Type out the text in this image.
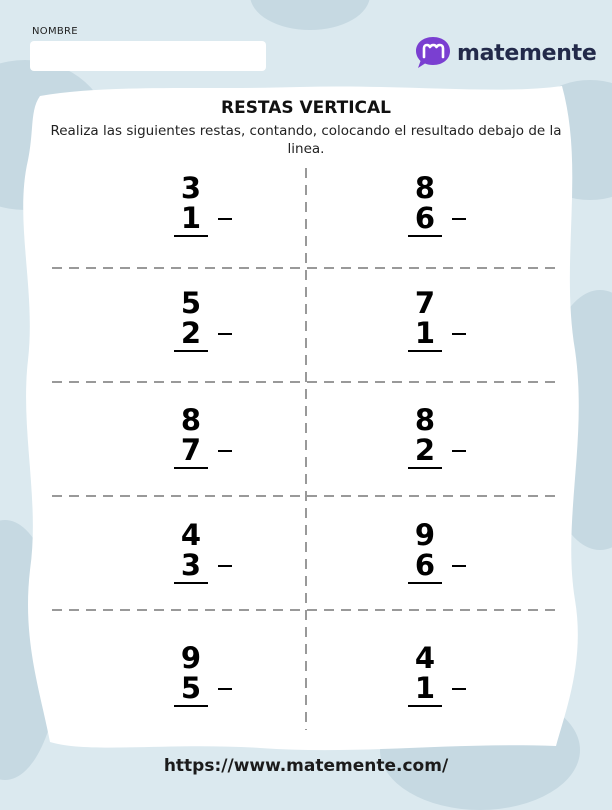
NOMBRE
matemente
RESTAS VERTICAL
Realiza las siguientes restas, contando, colocando el resultado debajo de la linea.
3
1
8
6
5
2
7
1
8
7
8
2
4
3
9
6
9
5
4
1
https://www.matemente.com/
